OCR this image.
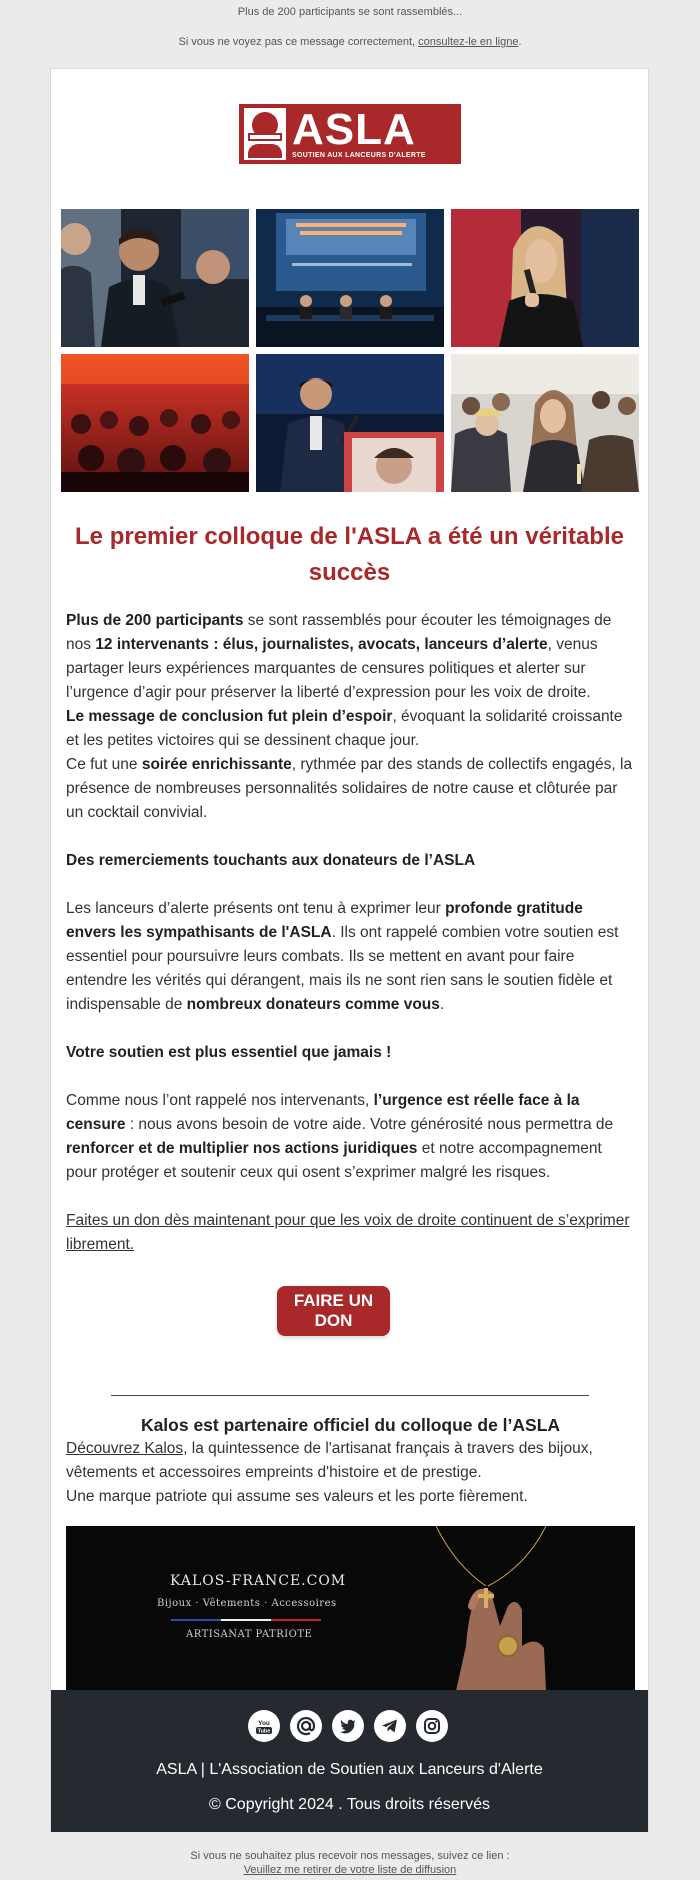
Plus de 200 participants se sont rassemblés...
Si vous ne voyez pas ce message correctement, consultez-le en ligne.
ASLA
SOUTIEN AUX LANCEURS D'ALERTE
Le premier colloque de l'ASLA a été un véritable succès

Plus de 200 participants se sont rassemblés pour écouter les témoignages de nos 12 intervenants : élus, journalistes, avocats, lanceurs d’alerte, venus partager leurs expériences marquantes de censures politiques et alerter sur l’urgence d’agir pour préserver la liberté d’expression pour les voix de droite.

Le message de conclusion fut plein d’espoir, évoquant la solidarité croissante et les petites victoires qui se dessinent chaque jour.

Ce fut une soirée enrichissante, rythmée par des stands de collectifs engagés, la présence de nombreuses personnalités solidaires de notre cause et clôturée par un cocktail convivial.

Des remerciements touchants aux donateurs de l’ASLA

Les lanceurs d’alerte présents ont tenu à exprimer leur profonde gratitude envers les sympathisants de l'ASLA. Ils ont rappelé combien votre soutien est essentiel pour poursuivre leurs combats. Ils se mettent en avant pour faire entendre les vérités qui dérangent, mais ils ne sont rien sans le soutien fidèle et indispensable de nombreux donateurs comme vous.

Votre soutien est plus essentiel que jamais !

Comme nous l’ont rappelé nos intervenants, l’urgence est réelle face à la censure : nous avons besoin de votre aide. Votre générosité nous permettra de renforcer et de multiplier nos actions juridiques et notre accompagnement pour protéger et soutenir ceux qui osent s’exprimer malgré les risques.

Faites un don dès maintenant pour que les voix de droite continuent de s’exprimer librement.

FAIRE UN DON
Kalos est partenaire officiel du colloque de l’ASLA

Découvrez Kalos, la quintessence de l'artisanat français à travers des bijoux, vêtements et accessoires empreints d'histoire et de prestige.

Une marque patriote qui assume ses valeurs et les porte fièrement.

KALOS-FRANCE.COM
Bijoux · Vêtements · Accessoires
ARTISANAT PATRIOTE
You
Tube
ASLA | L'Association de Soutien aux Lanceurs d'Alerte
© Copyright 2024 . Tous droits réservés
Si vous ne souhaitez plus recevoir nos messages, suivez ce lien :
Veuillez me retirer de votre liste de diffusion
